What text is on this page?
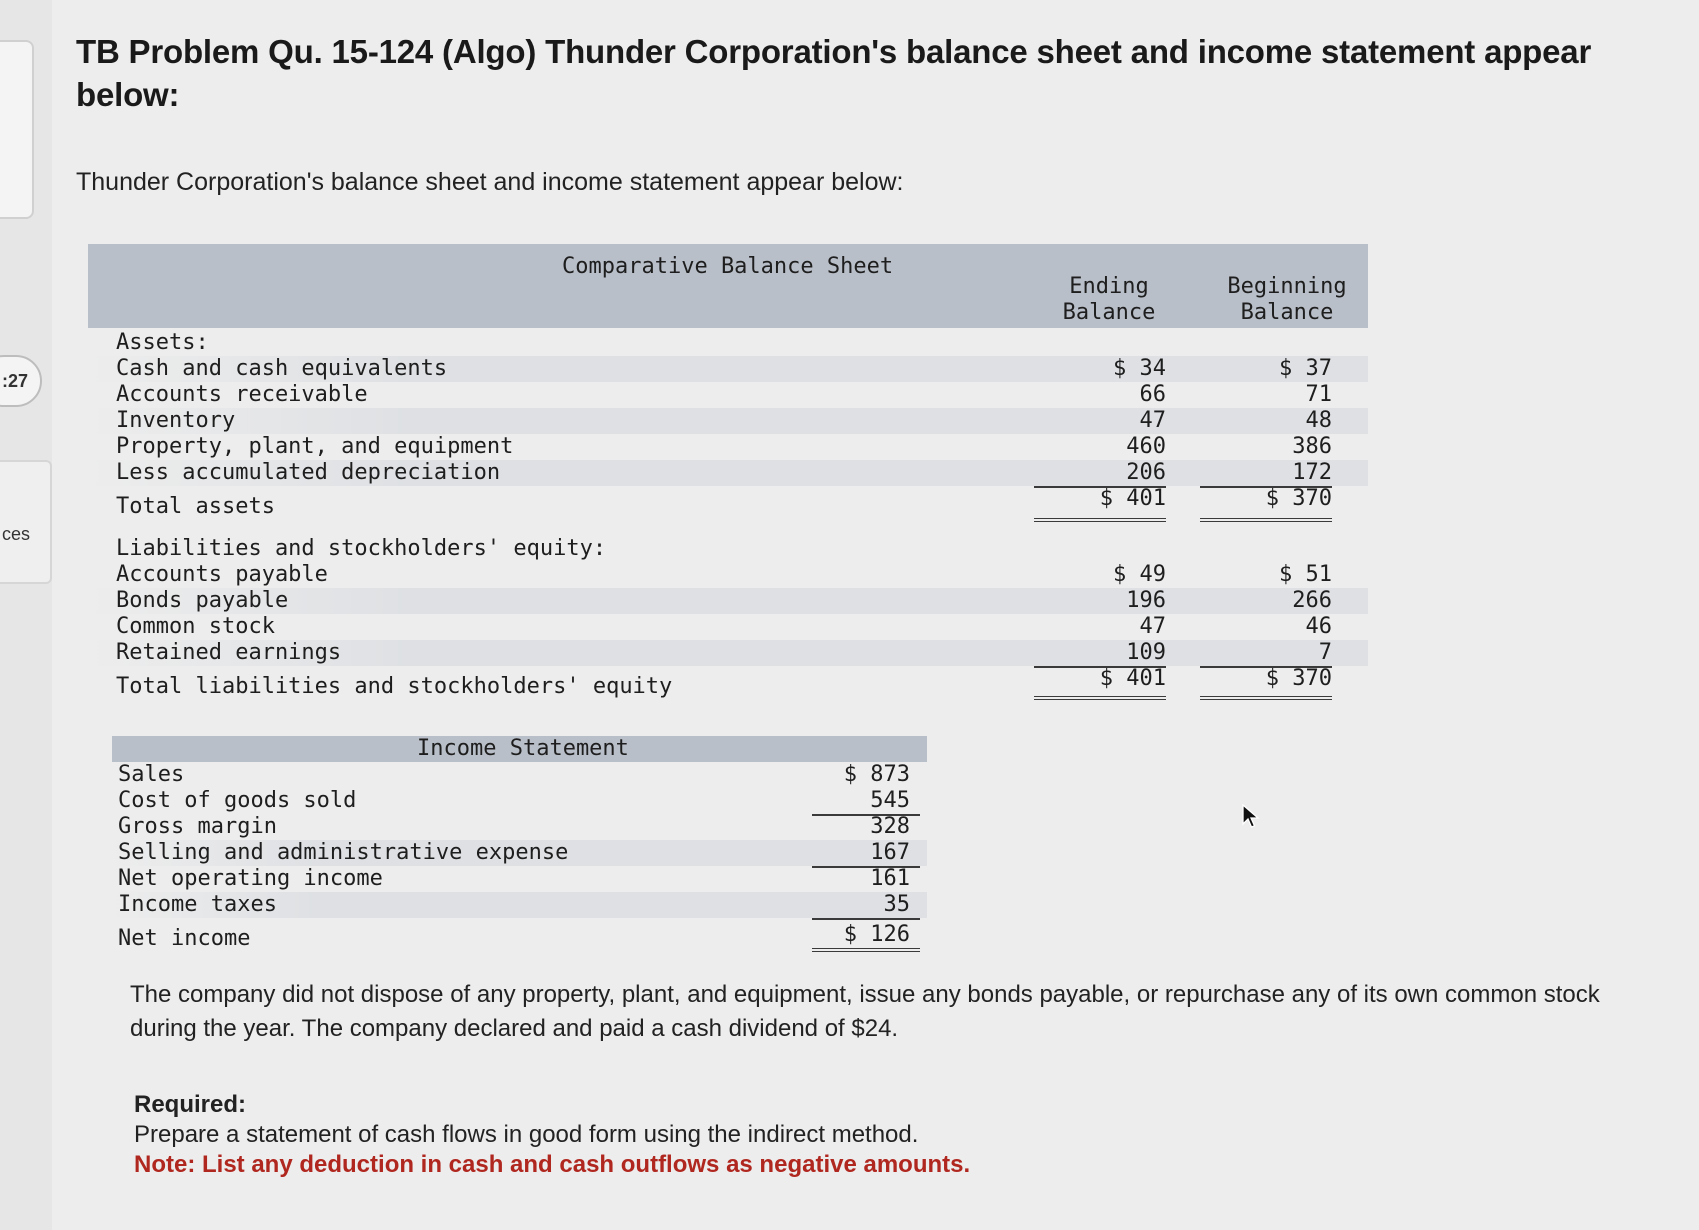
:27
ces
TB Problem Qu. 15-124 (Algo) Thunder Corporation's balance sheet and income statement appear below:
Thunder Corporation's balance sheet and income statement appear below:
Comparative Balance Sheet
Ending
Balance
Beginning
Balance
Assets:
Cash and cash equivalents	$ 34	$ 37
Accounts receivable	66	71
Inventory	47	48
Property, plant, and equipment	460	386
Less accumulated depreciation	206	172
Total assets	$ 401	$ 370
Liabilities and stockholders' equity:
Accounts payable	$ 49	$ 51
Bonds payable	196	266
Common stock	47	46
Retained earnings	109	7
Total liabilities and stockholders' equity	$ 401	$ 370
Income Statement
Sales	$ 873
Cost of goods sold	545
Gross margin	328
Selling and administrative expense	167
Net operating income	161
Income taxes	35
Net income	$ 126
The company did not dispose of any property, plant, and equipment, issue any bonds payable, or repurchase any of its own common stock during the year. The company declared and paid a cash dividend of $24.
Required:
Prepare a statement of cash flows in good form using the indirect method.
Note: List any deduction in cash and cash outflows as negative amounts.
